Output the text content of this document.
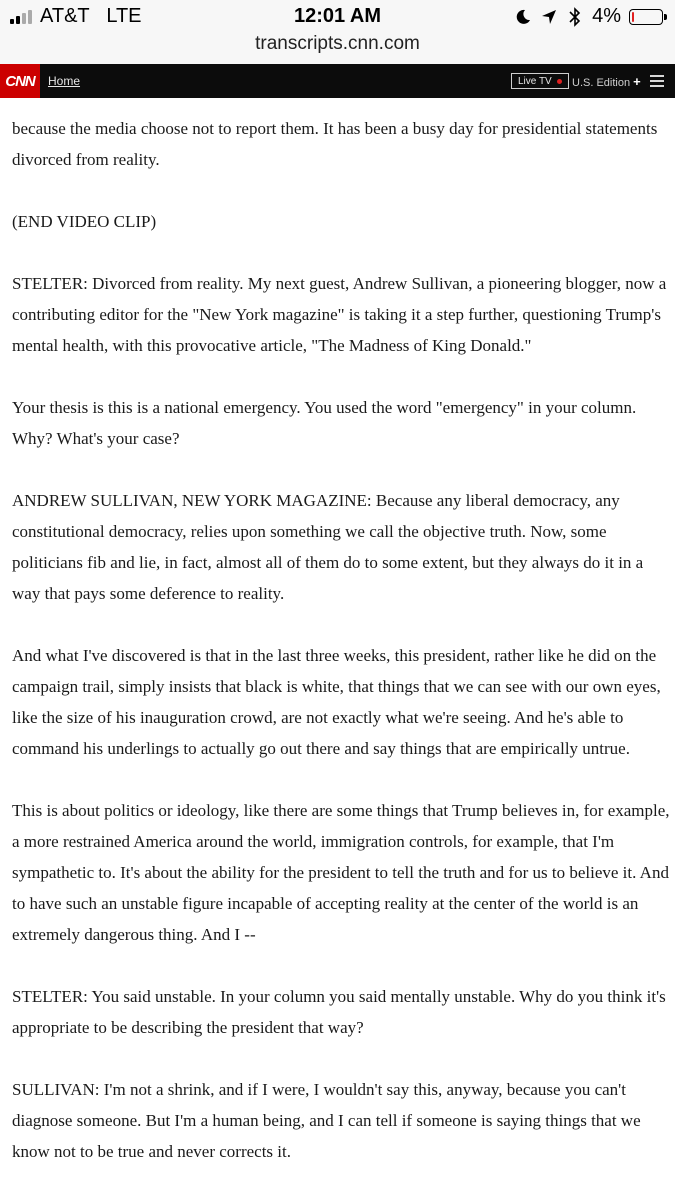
AT&T LTE	12:01 AM
transcripts.cnn.com
4%
CNN	Home	Live TV U.S. Edition +

because the media choose not to report them. It has been a busy day for presidential statements divorced from reality.

(END VIDEO CLIP)

STELTER: Divorced from reality. My next guest, Andrew Sullivan, a pioneering blogger, now a contributing editor for the "New York magazine" is taking it a step further, questioning Trump's mental health, with this provocative article, "The Madness of King Donald."

Your thesis is this is a national emergency. You used the word "emergency" in your column. Why? What's your case?

ANDREW SULLIVAN, NEW YORK MAGAZINE: Because any liberal democracy, any constitutional democracy, relies upon something we call the objective truth. Now, some politicians fib and lie, in fact, almost all of them do to some extent, but they always do it in a way that pays some deference to reality.

And what I've discovered is that in the last three weeks, this president, rather like he did on the campaign trail, simply insists that black is white, that things that we can see with our own eyes, like the size of his inauguration crowd, are not exactly what we're seeing. And he's able to command his underlings to actually go out there and say things that are empirically untrue.

This is about politics or ideology, like there are some things that Trump believes in, for example, a more restrained America around the world, immigration controls, for example, that I'm sympathetic to. It's about the ability for the president to tell the truth and for us to believe it. And to have such an unstable figure incapable of accepting reality at the center of the world is an extremely dangerous thing. And I --

STELTER: You said unstable. In your column you said mentally unstable. Why do you think it's appropriate to be describing the president that way?

SULLIVAN: I'm not a shrink, and if I were, I wouldn't say this, anyway, because you can't diagnose someone. But I'm a human being, and I can tell if someone is saying things that we know not to be true and never corrects it.
